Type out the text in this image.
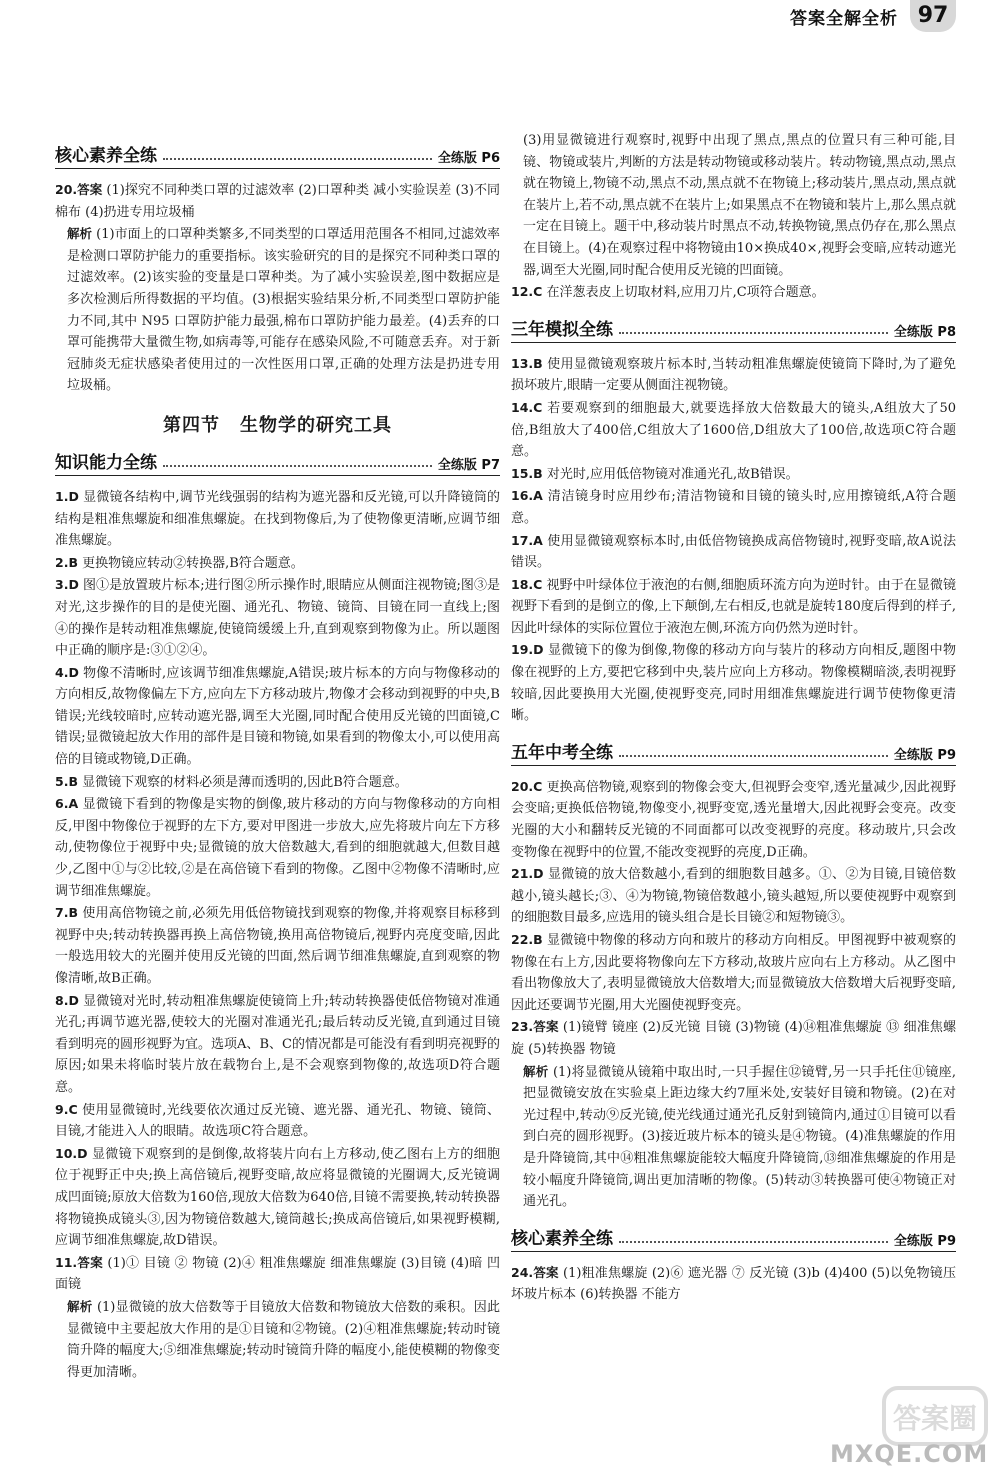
答案全解全析 97
核心素养全练	全练版 P6

20.答案 (1)探究不同种类口罩的过滤效率 (2)口罩种类 减小实验误差 (3)不同 棉布 (4)扔进专用垃圾桶

解析 (1)市面上的口罩种类繁多,不同类型的口罩适用范围各不相同,过滤效率是检测口罩防护能力的重要指标。该实验研究的目的是探究不同种类口罩的过滤效率。(2)该实验的变量是口罩种类。为了减小实验误差,图中数据应是多次检测后所得数据的平均值。(3)根据实验结果分析,不同类型口罩防护能力不同,其中 N95 口罩防护能力最强,棉布口罩防护能力最差。(4)丢弃的口罩可能携带大量微生物,如病毒等,可能存在感染风险,不可随意丢弃。对于新冠肺炎无症状感染者使用过的一次性医用口罩,正确的处理方法是扔进专用垃圾桶。

第四节 生物学的研究工具
知识能力全练	全练版 P7

1.D 显微镜各结构中,调节光线强弱的结构为遮光器和反光镜,可以升降镜筒的结构是粗准焦螺旋和细准焦螺旋。在找到物像后,为了使物像更清晰,应调节细准焦螺旋。

2.B 更换物镜应转动②转换器,B符合题意。

3.D 图①是放置玻片标本;进行图②所示操作时,眼睛应从侧面注视物镜;图③是对光,这步操作的目的是使光圈、通光孔、物镜、镜筒、目镜在同一直线上;图④的操作是转动粗准焦螺旋,使镜筒缓缓上升,直到观察到物像为止。所以题图中正确的顺序是:③①②④。

4.D 物像不清晰时,应该调节细准焦螺旋,A错误;玻片标本的方向与物像移动的方向相反,故物像偏左下方,应向左下方移动玻片,物像才会移动到视野的中央,B错误;光线较暗时,应转动遮光器,调至大光圈,同时配合使用反光镜的凹面镜,C错误;显微镜起放大作用的部件是目镜和物镜,如果看到的物像太小,可以使用高倍的目镜或物镜,D正确。

5.B 显微镜下观察的材料必须是薄而透明的,因此B符合题意。

6.A 显微镜下看到的物像是实物的倒像,玻片移动的方向与物像移动的方向相反,甲图中物像位于视野的左下方,要对甲图进一步放大,应先将玻片向左下方移动,使物像位于视野中央;显微镜的放大倍数越大,看到的细胞就越大,但数目越少,乙图中①与②比较,②是在高倍镜下看到的物像。乙图中②物像不清晰时,应调节细准焦螺旋。

7.B 使用高倍物镜之前,必须先用低倍物镜找到观察的物像,并将观察目标移到视野中央;转动转换器再换上高倍物镜,换用高倍物镜后,视野内亮度变暗,因此一般选用较大的光圈并使用反光镜的凹面,然后调节细准焦螺旋,直到观察的物像清晰,故B正确。

8.D 显微镜对光时,转动粗准焦螺旋使镜筒上升;转动转换器使低倍物镜对准通光孔;再调节遮光器,使较大的光圈对准通光孔;最后转动反光镜,直到通过目镜看到明亮的圆形视野为宜。选项A、B、C的情况都是可能没有看到明亮视野的原因;如果未将临时装片放在载物台上,是不会观察到物像的,故选项D符合题意。

9.C 使用显微镜时,光线要依次通过反光镜、遮光器、通光孔、物镜、镜筒、目镜,才能进入人的眼睛。故选项C符合题意。

10.D 显微镜下观察到的是倒像,故将装片向右上方移动,使乙图右上方的细胞位于视野正中央;换上高倍镜后,视野变暗,故应将显微镜的光圈调大,反光镜调成凹面镜;原放大倍数为160倍,现放大倍数为640倍,目镜不需要换,转动转换器将物镜换成镜头③,因为物镜倍数越大,镜筒越长;换成高倍镜后,如果视野模糊,应调节细准焦螺旋,故D错误。

11.答案 (1)① 目镜 ② 物镜 (2)④ 粗准焦螺旋 细准焦螺旋 (3)目镜 (4)暗 凹面镜

解析 (1)显微镜的放大倍数等于目镜放大倍数和物镜放大倍数的乘积。因此显微镜中主要起放大作用的是①目镜和②物镜。(2)④粗准焦螺旋;转动时镜筒升降的幅度大;⑤细准焦螺旋;转动时镜筒升降的幅度小,能使模糊的物像变得更加清晰。

(3)用显微镜进行观察时,视野中出现了黑点,黑点的位置只有三种可能,目镜、物镜或装片,判断的方法是转动物镜或移动装片。转动物镜,黑点动,黑点就在物镜上,物镜不动,黑点不动,黑点就不在物镜上;移动装片,黑点动,黑点就在装片上,若不动,黑点就不在装片上;如果黑点不在物镜和装片上,那么黑点就一定在目镜上。题干中,移动装片时黑点不动,转换物镜,黑点仍存在,那么黑点在目镜上。(4)在观察过程中将物镜由10×换成40×,视野会变暗,应转动遮光器,调至大光圈,同时配合使用反光镜的凹面镜。

12.C 在洋葱表皮上切取材料,应用刀片,C项符合题意。

三年模拟全练	全练版 P8

13.B 使用显微镜观察玻片标本时,当转动粗准焦螺旋使镜筒下降时,为了避免损坏玻片,眼睛一定要从侧面注视物镜。

14.C 若要观察到的细胞最大,就要选择放大倍数最大的镜头,A组放大了50倍,B组放大了400倍,C组放大了1600倍,D组放大了100倍,故选项C符合题意。

15.B 对光时,应用低倍物镜对准通光孔,故B错误。

16.A 清洁镜身时应用纱布;清洁物镜和目镜的镜头时,应用擦镜纸,A符合题意。

17.A 使用显微镜观察标本时,由低倍物镜换成高倍物镜时,视野变暗,故A说法错误。

18.C 视野中叶绿体位于液泡的右侧,细胞质环流方向为逆时针。由于在显微镜视野下看到的是倒立的像,上下颠倒,左右相反,也就是旋转180度后得到的样子,因此叶绿体的实际位置位于液泡左侧,环流方向仍然为逆时针。

19.D 显微镜下的像为倒像,物像的移动方向与装片的移动方向相反,题图中物像在视野的上方,要把它移到中央,装片应向上方移动。物像模糊暗淡,表明视野较暗,因此要换用大光圈,使视野变亮,同时用细准焦螺旋进行调节使物像更清晰。

五年中考全练	全练版 P9

20.C 更换高倍物镜,观察到的物像会变大,但视野会变窄,透光量减少,因此视野会变暗;更换低倍物镜,物像变小,视野变宽,透光量增大,因此视野会变亮。改变光圈的大小和翻转反光镜的不同面都可以改变视野的亮度。移动玻片,只会改变物像在视野中的位置,不能改变视野的亮度,D正确。

21.D 显微镜的放大倍数越小,看到的细胞数目越多。①、②为目镜,目镜倍数越小,镜头越长;③、④为物镜,物镜倍数越小,镜头越短,所以要使视野中观察到的细胞数目最多,应选用的镜头组合是长目镜②和短物镜③。

22.B 显微镜中物像的移动方向和玻片的移动方向相反。甲图视野中被观察的物像在右上方,因此要将物像向左下方移动,故玻片应向右上方移动。从乙图中看出物像放大了,表明显微镜放大倍数增大;而显微镜放大倍数增大后视野变暗,因此还要调节光圈,用大光圈使视野变亮。

23.答案 (1)镜臂 镜座 (2)反光镜 目镜 (3)物镜 (4)⑭粗准焦螺旋 ⑬ 细准焦螺旋 (5)转换器 物镜

解析 (1)将显微镜从镜箱中取出时,一只手握住⑫镜臂,另一只手托住⑪镜座,把显微镜安放在实验桌上距边缘大约7厘米处,安装好目镜和物镜。(2)在对光过程中,转动⑨反光镜,使光线通过通光孔反射到镜筒内,通过①目镜可以看到白亮的圆形视野。(3)接近玻片标本的镜头是④物镜。(4)准焦螺旋的作用是升降镜筒,其中⑭粗准焦螺旋能较大幅度升降镜筒,⑬细准焦螺旋的作用是较小幅度升降镜筒,调出更加清晰的物像。(5)转动③转换器可使④物镜正对通光孔。

核心素养全练	全练版 P9

24.答案 (1)粗准焦螺旋 (2)⑥ 遮光器 ⑦ 反光镜 (3)b (4)400 (5)以免物镜压坏玻片标本 (6)转换器 不能方

答案圈
MXQE.COM
